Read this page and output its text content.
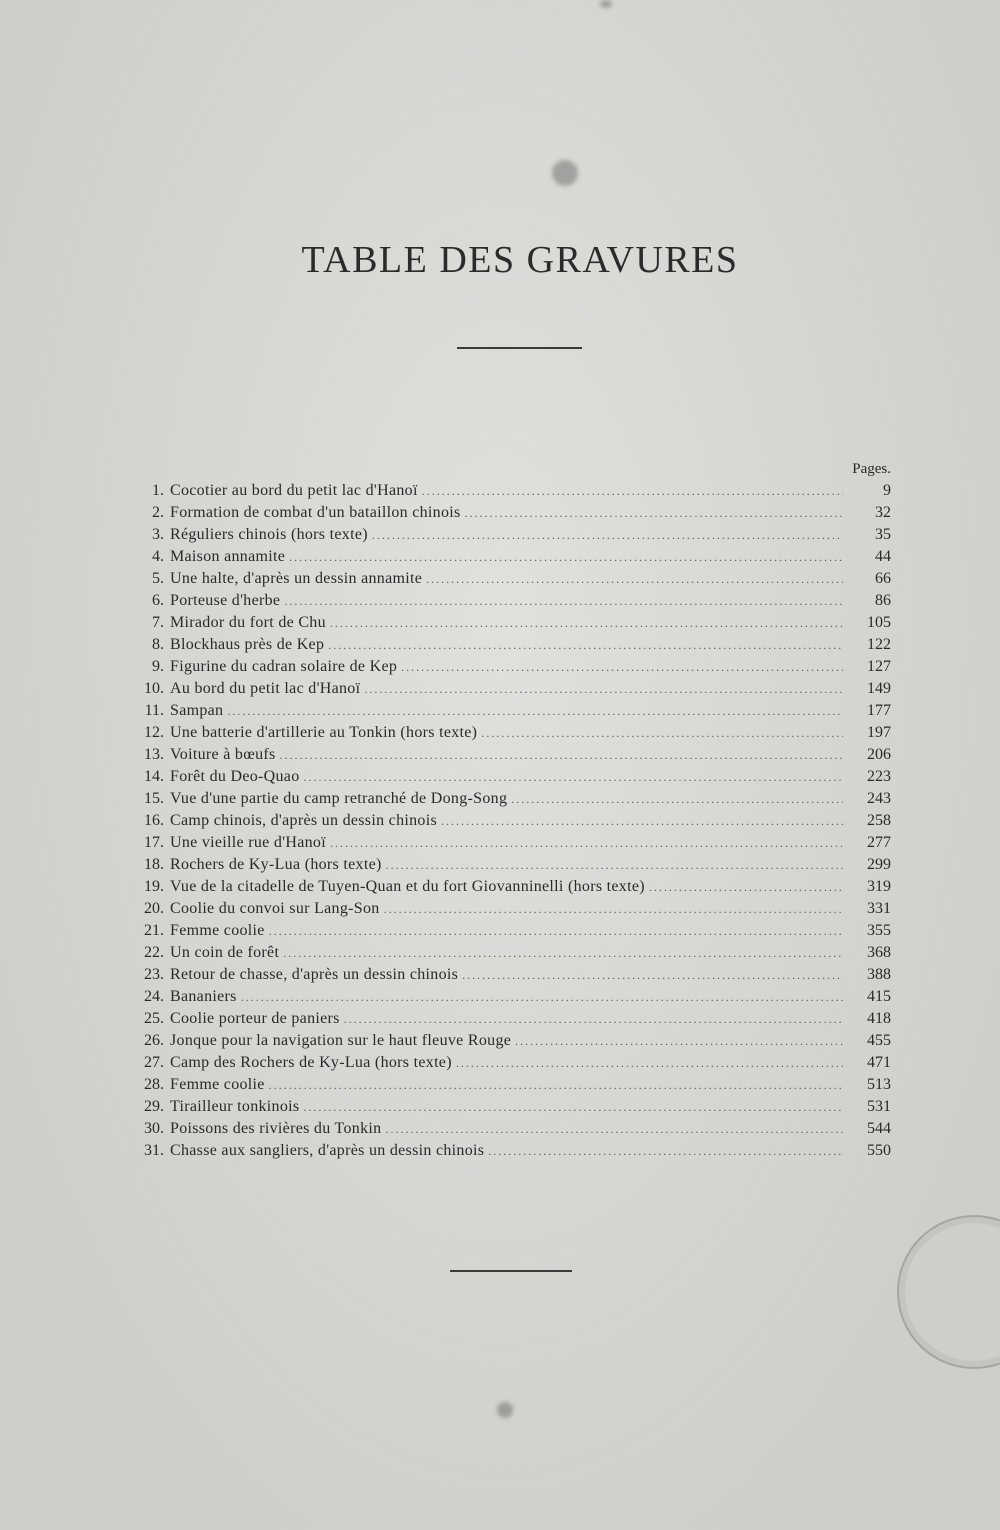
TABLE DES GRAVURES
Pages.
1. Cocotier au bord du petit lac d'Hanoï .....	9
2. Formation de combat d'un bataillon chinois .....	32
3. Réguliers chinois (hors texte) .....	35
4. Maison annamite .....	44
5. Une halte, d'après un dessin annamite .....	66
6. Porteuse d'herbe .....	86
7. Mirador du fort de Chu .....	105
8. Blockhaus près de Kep .....	122
9. Figurine du cadran solaire de Kep .....	127
10. Au bord du petit lac d'Hanoï .....	149
11. Sampan .....	177
12. Une batterie d'artillerie au Tonkin (hors texte) .....	197
13. Voiture à bœufs .....	206
14. Forêt du Deo-Quao .....	223
15. Vue d'une partie du camp retranché de Dong-Song .....	243
16. Camp chinois, d'après un dessin chinois .....	258
17. Une vieille rue d'Hanoï .....	277
18. Rochers de Ky-Lua (hors texte) .....	299
19. Vue de la citadelle de Tuyen-Quan et du fort Giovanninelli (hors texte) .....	319
20. Coolie du convoi sur Lang-Son .....	331
21. Femme coolie .....	355
22. Un coin de forêt .....	368
23. Retour de chasse, d'après un dessin chinois .....	388
24. Bananiers .....	415
25. Coolie porteur de paniers .....	418
26. Jonque pour la navigation sur le haut fleuve Rouge .....	455
27. Camp des Rochers de Ky-Lua (hors texte) .....	471
28. Femme coolie .....	513
29. Tirailleur tonkinois .....	531
30. Poissons des rivières du Tonkin .....	544
31. Chasse aux sangliers, d'après un dessin chinois .....	550
